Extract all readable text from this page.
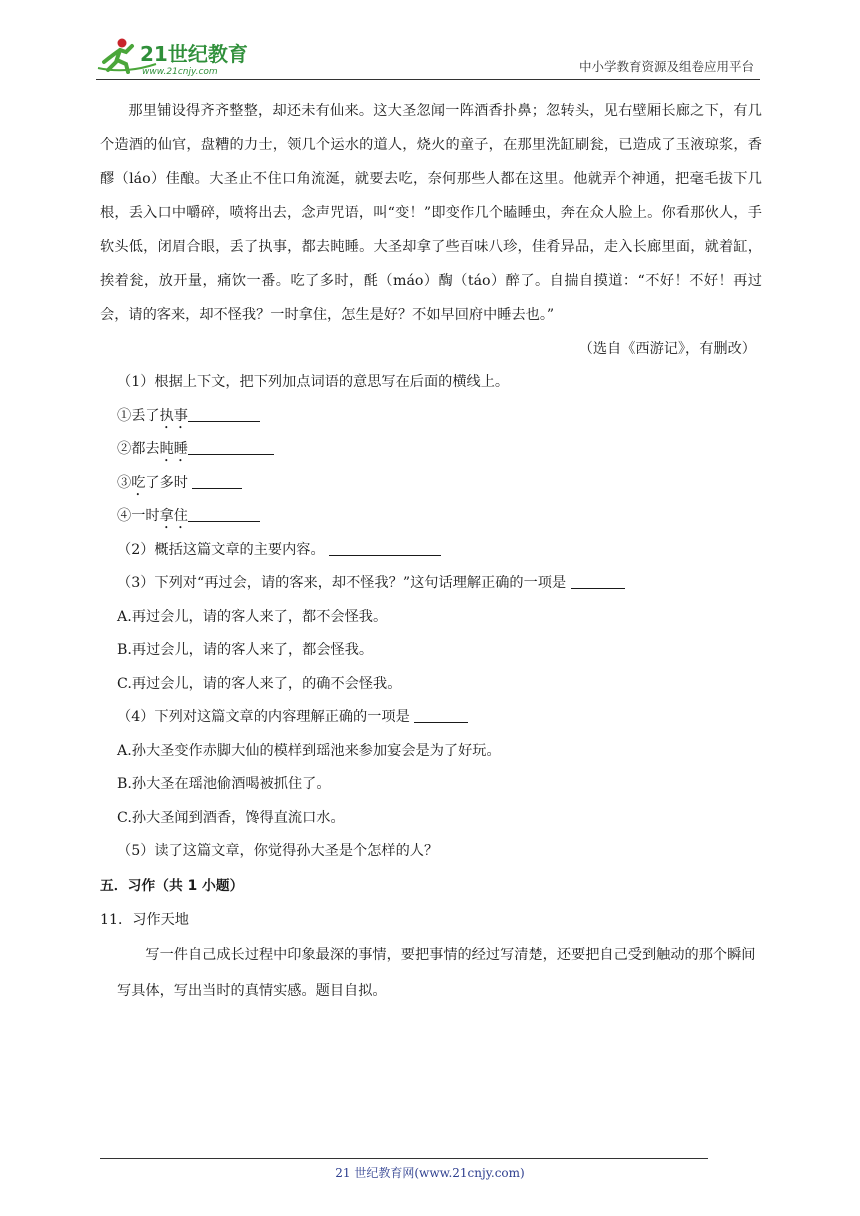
21世纪教育
www.21cnjy.com	中小学教育资源及组卷应用平台

那里铺设得齐齐整整，却还未有仙来。这大圣忽闻一阵酒香扑鼻；忽转头，见右壁厢长廊之下，有几个造酒的仙官，盘糟的力士，领几个运水的道人，烧火的童子，在那里洗缸刷瓮，已造成了玉液琼浆，香醪（láo）佳酿。大圣止不住口角流涎，就要去吃，奈何那些人都在这里。他就弄个神通，把毫毛拔下几根，丢入口中嚼碎，喷将出去，念声咒语，叫“变！”即变作几个瞌睡虫，奔在众人脸上。你看那伙人，手软头低，闭眉合眼，丢了执事，都去盹睡。大圣却拿了些百味八珍，佳肴异品，走入长廊里面，就着缸，挨着瓮，放开量，痛饮一番。吃了多时，酕（máo）醄（táo）醉了。自揣自摸道：“不好！不好！再过会，请的客来，却不怪我？一时拿住，怎生是好？不如早回府中睡去也。”

（选自《西游记》，有删改）

（1）根据上下文，把下列加点词语的意思写在后面的横线上。
①丢了执事
②都去盹睡
③吃了多时
④一时拿住
（2）概括这篇文章的主要内容。
（3）下列对“再过会，请的客来，却不怪我？”这句话理解正确的一项是
A.再过会儿，请的客人来了，都不会怪我。
B.再过会儿，请的客人来了，都会怪我。
C.再过会儿，请的客人来了，的确不会怪我。
（4）下列对这篇文章的内容理解正确的一项是
A.孙大圣变作赤脚大仙的模样到瑶池来参加宴会是为了好玩。
B.孙大圣在瑶池偷酒喝被抓住了。
C.孙大圣闻到酒香，馋得直流口水。
（5）读了这篇文章，你觉得孙大圣是个怎样的人？
五．习作（共 1 小题）
11．习作天地

写一件自己成长过程中印象最深的事情，要把事情的经过写清楚，还要把自己受到触动的那个瞬间写具体，写出当时的真情实感。题目自拟。

21 世纪教育网(www.21cnjy.com)
